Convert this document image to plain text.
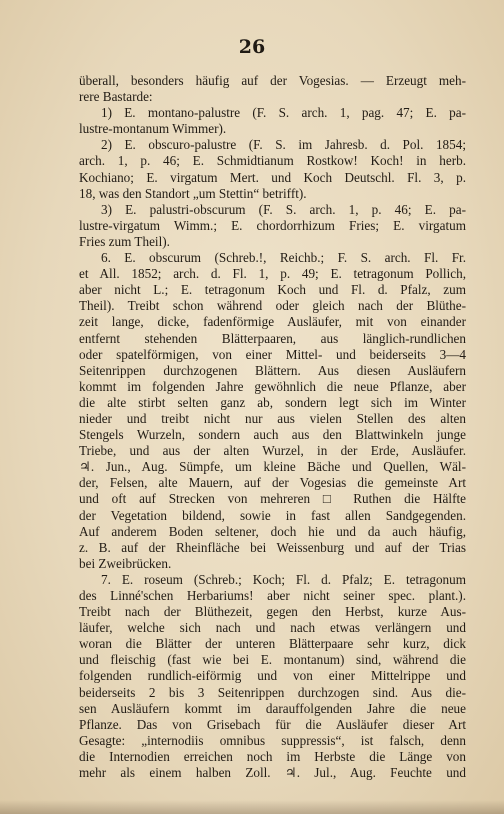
26
überall, besonders häufig auf der Vogesias. — Erzeugt meh-
rere Bastarde:
1) E. montano-palustre (F. S. arch. 1, pag. 47; E. pa-
lustre-montanum Wimmer).
2) E. obscuro-palustre (F. S. im Jahresb. d. Pol. 1854;
arch. 1, p. 46; E. Schmidtianum Rostkow! Koch! in herb.
Kochiano; E. virgatum Mert. und Koch Deutschl. Fl. 3, p.
18, was den Standort „um Stettin“ betrifft).
3) E. palustri-obscurum (F. S. arch. 1, p. 46; E. pa-
lustre-virgatum Wimm.; E. chordorrhizum Fries; E. virgatum
Fries zum Theil).
6. E. obscurum (Schreb.!, Reichb.; F. S. arch. Fl. Fr.
et All. 1852; arch. d. Fl. 1, p. 49; E. tetragonum Pollich,
aber nicht L.; E. tetragonum Koch und Fl. d. Pfalz, zum
Theil). Treibt schon während oder gleich nach der Blüthe-
zeit lange, dicke, fadenförmige Ausläufer, mit von einander
entfernt stehenden Blätterpaaren, aus länglich-rundlichen
oder spatelförmigen, von einer Mittel- und beiderseits 3—4
Seitenrippen durchzogenen Blättern. Aus diesen Ausläufern
kommt im folgenden Jahre gewöhnlich die neue Pflanze, aber
die alte stirbt selten ganz ab, sondern legt sich im Winter
nieder und treibt nicht nur aus vielen Stellen des alten
Stengels Wurzeln, sondern auch aus den Blattwinkeln junge
Triebe, und aus der alten Wurzel, in der Erde, Ausläufer.
♃. Jun., Aug. Sümpfe, um kleine Bäche und Quellen, Wäl-
der, Felsen, alte Mauern, auf der Vogesias die gemeinste Art
und oft auf Strecken von mehreren □ Ruthen die Hälfte
der Vegetation bildend, sowie in fast allen Sandgegenden.
Auf anderem Boden seltener, doch hie und da auch häufig,
z. B. auf der Rheinfläche bei Weissenburg und auf der Trias
bei Zweibrücken.
7. E. roseum (Schreb.; Koch; Fl. d. Pfalz; E. tetragonum
des Linné'schen Herbariums! aber nicht seiner spec. plant.).
Treibt nach der Blüthezeit, gegen den Herbst, kurze Aus-
läufer, welche sich nach und nach etwas verlängern und
woran die Blätter der unteren Blätterpaare sehr kurz, dick
und fleischig (fast wie bei E. montanum) sind, während die
folgenden rundlich-eiförmig und von einer Mittelrippe und
beiderseits 2 bis 3 Seitenrippen durchzogen sind. Aus die-
sen Ausläufern kommt im darauffolgenden Jahre die neue
Pflanze. Das von Grisebach für die Ausläufer dieser Art
Gesagte: „internodiis omnibus suppressis“, ist falsch, denn
die Internodien erreichen noch im Herbste die Länge von
mehr als einem halben Zoll. ♃. Jul., Aug. Feuchte und
